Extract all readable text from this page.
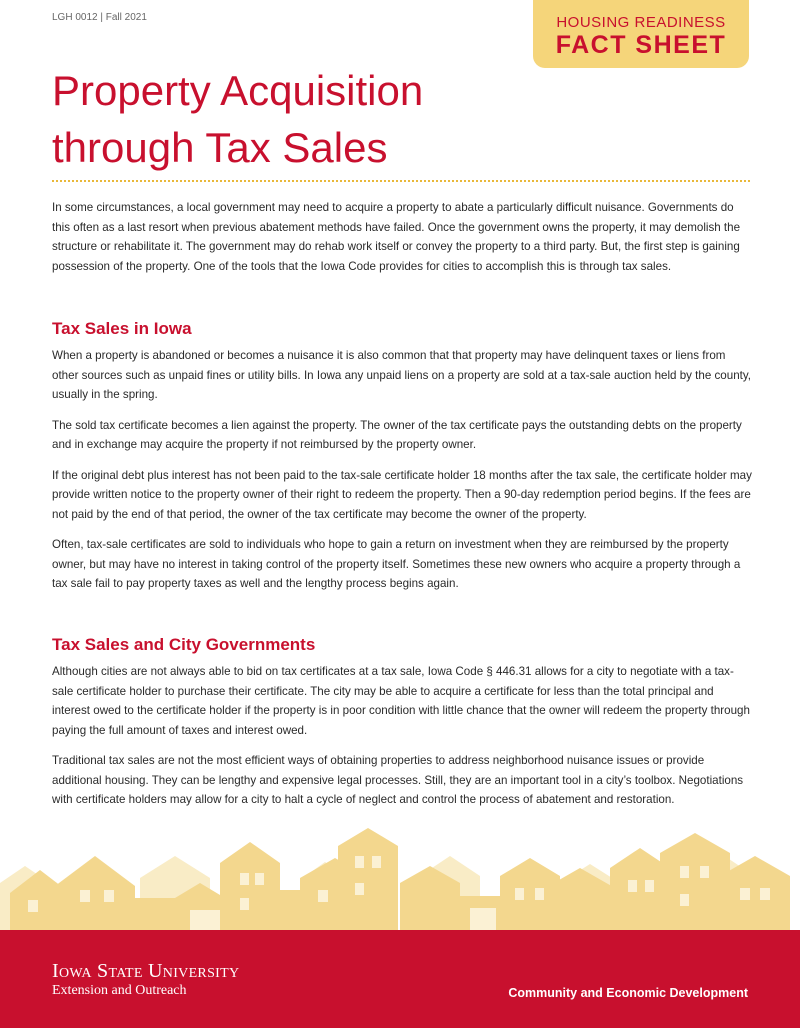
LGH 0012 | Fall 2021	HOUSING READINESS
FACT SHEET
Property Acquisition
through Tax Sales

In some circumstances, a local government may need to acquire a property to abate a particularly difficult nuisance. Governments do this often as a last resort when previous abatement methods have failed. Once the government owns the property, it may demolish the structure or rehabilitate it. The government may do rehab work itself or convey the property to a third party. But, the first step is gaining possession of the property. One of the tools that the Iowa Code provides for cities to accomplish this is through tax sales.

Tax Sales in Iowa

When a property is abandoned or becomes a nuisance it is also common that that property may have delinquent taxes or liens from other sources such as unpaid fines or utility bills. In Iowa any unpaid liens on a property are sold at a tax-sale auction held by the county, usually in the spring.

The sold tax certificate becomes a lien against the property. The owner of the tax certificate pays the outstanding debts on the property and in exchange may acquire the property if not reimbursed by the property owner.

If the original debt plus interest has not been paid to the tax-sale certificate holder 18 months after the tax sale, the certificate holder may provide written notice to the property owner of their right to redeem the property. Then a 90-day redemption period begins. If the fees are not paid by the end of that period, the owner of the tax certificate may become the owner of the property.

Often, tax-sale certificates are sold to individuals who hope to gain a return on investment when they are reimbursed by the property owner, but may have no interest in taking control of the property itself. Sometimes these new owners who acquire a property through a tax sale fail to pay property taxes as well and the lengthy process begins again.

Tax Sales and City Governments

Although cities are not always able to bid on tax certificates at a tax sale, Iowa Code § 446.31 allows for a city to negotiate with a tax-sale certificate holder to purchase their certificate. The city may be able to acquire a certificate for less than the total principal and interest owed to the certificate holder if the property is in poor condition with little chance that the owner will redeem the property through paying the full amount of taxes and interest owed.

Traditional tax sales are not the most efficient ways of obtaining properties to address neighborhood nuisance issues or provide additional housing. They can be lengthy and expensive legal processes. Still, they are an important tool in a city’s toolbox. Negotiations with certificate holders may allow for a city to halt a cycle of neglect and control the process of abatement and restoration.

Iowa State University
Extension and Outreach	Community and Economic Development
